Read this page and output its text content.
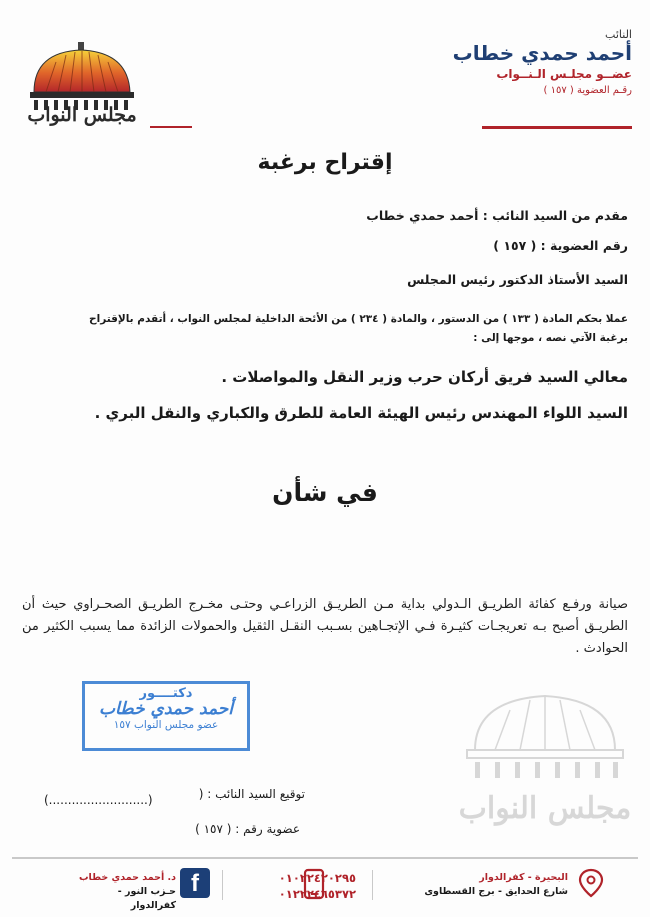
النائب
أحمد حمدي خطاب
عضــو مجلـس الـنــواب
رقـم العضوية ( ١٥٧ )
مجلس النواب
إقتراح برغبة
مقدم من السيد النائب : أحمد حمدي خطاب
رقم العضوية : ( ١٥٧ )
السيد الأستاذ الدكتور رئيس المجلس
عملا بحكم المادة ( ١٣٣ ) من الدستور ، والمادة ( ٢٣٤ ) من الأئحة الداخلية لمجلس النواب ، أتقدم بالإقتراح
برغبة الآتي نصه ، موجها إلى :
معالي السيد فريق أركان حرب وزير النقل والمواصلات .
السيد اللواء المهندس رئيس الهيئة العامة للطرق والكباري والنقل البري .
في شأن
صيانة ورفـع كفائة الطريـق الـدولي بداية مـن الطريـق الزراعـي وحتـى مخـرج الطريـق الصحـراوي حيث أن الطريـق أصبح بـه تعريجـات كثيـرة فـي الإتجـاهين بسـبب النقـل الثقيل والحمولات الزائدة مما يسبب الكثير من الحوادث .
دكتــــور
أحمد حمدي خطاب
عضو مجلس النواب ١٥٧
مجلس النواب
توقيع السيد النائب : (
(..........................)
عضوية رقم : ( ١٥٧ )
البحيرة - كفرالدوار
شارع الحدايق - برج القسطاوى
٠١٠٢٢٤٢٠٢٩٥
٠١٢٢٢٤٦٥٣٧٢
f
د. أحمد حمدي خطاب
حـزب النور - كفرالدوار
